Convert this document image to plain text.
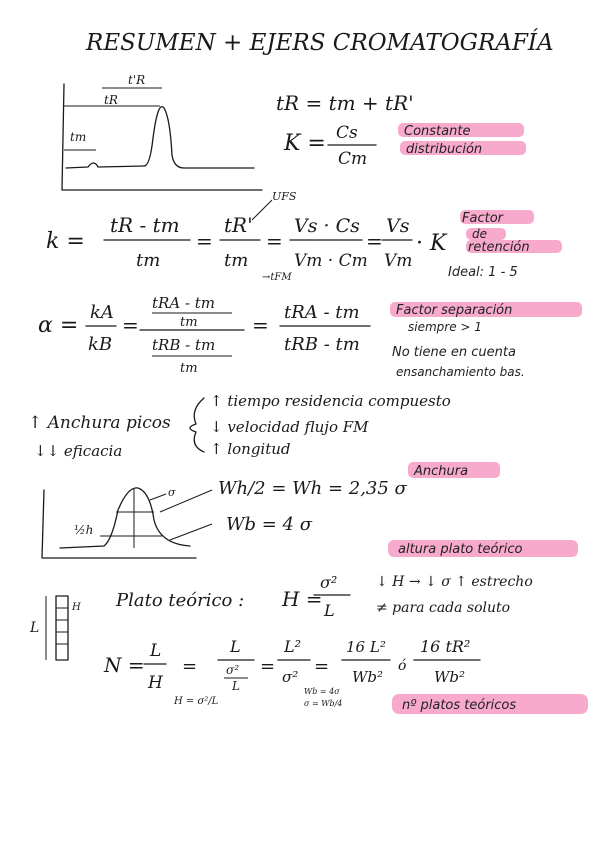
RESUMEN + EJERS CROMATOGRAFÍA
t'R
tR
tm
tR = tm + tR'
K = Cs
Cm
Constante
distribución
k =
tR - tm
tm
=
tR'
tm
=
Vs · Cs
Vm · Cm
=
Vs
Vm
· K
UFS
→tFM
Factor
de
retención
Ideal: 1 - 5
α =
kA
kB
=
tRA - tm
tm
tRB - tm
tm
=
tRA - tm
tRB - tm
Factor separación
siempre > 1
No tiene en cuenta
ensanchamiento bas.
↑ Anchura picos
↓↓ eficacia
↑ tiempo residencia compuesto
↓ velocidad flujo FM
↑ longitud
½h
σ Wh/2 = Wh = 2,35 σ
Wb = 4 σ
Anchura
altura plato teórico
L
H Plato teórico : H =
σ²
L
↓ H → ↓ σ ↑ estrecho
≠ para cada soluto
N =
L
H
=
L
σ²
L
=
L²
σ² =
16 L²
Wb²
ó
16 tR²
Wb²
H = σ²/L
Wb = 4σ
σ = Wb/4	nº platos teóricos
